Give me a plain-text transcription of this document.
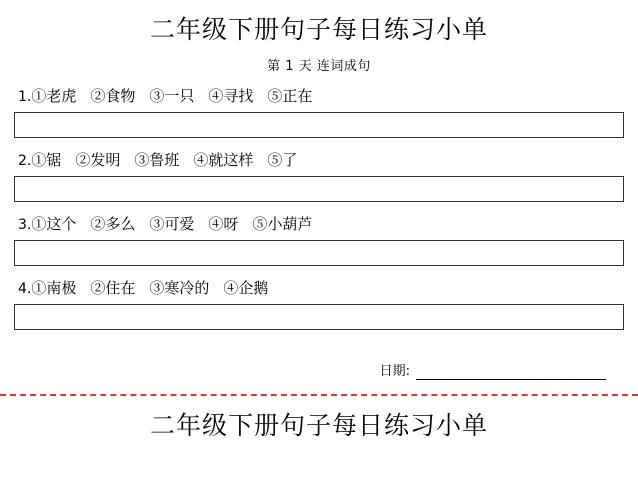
二年级下册句子每日练习小单
第 1 天 连词成句
1.①老虎 ②食物 ③一只 ④寻找 ⑤正在
2.①锯 ②发明 ③鲁班 ④就这样 ⑤了
3.①这个 ②多么 ③可爱 ④呀 ⑤小葫芦
4.①南极 ②住在 ③寒冷的 ④企鹅
日期:
二年级下册句子每日练习小单
